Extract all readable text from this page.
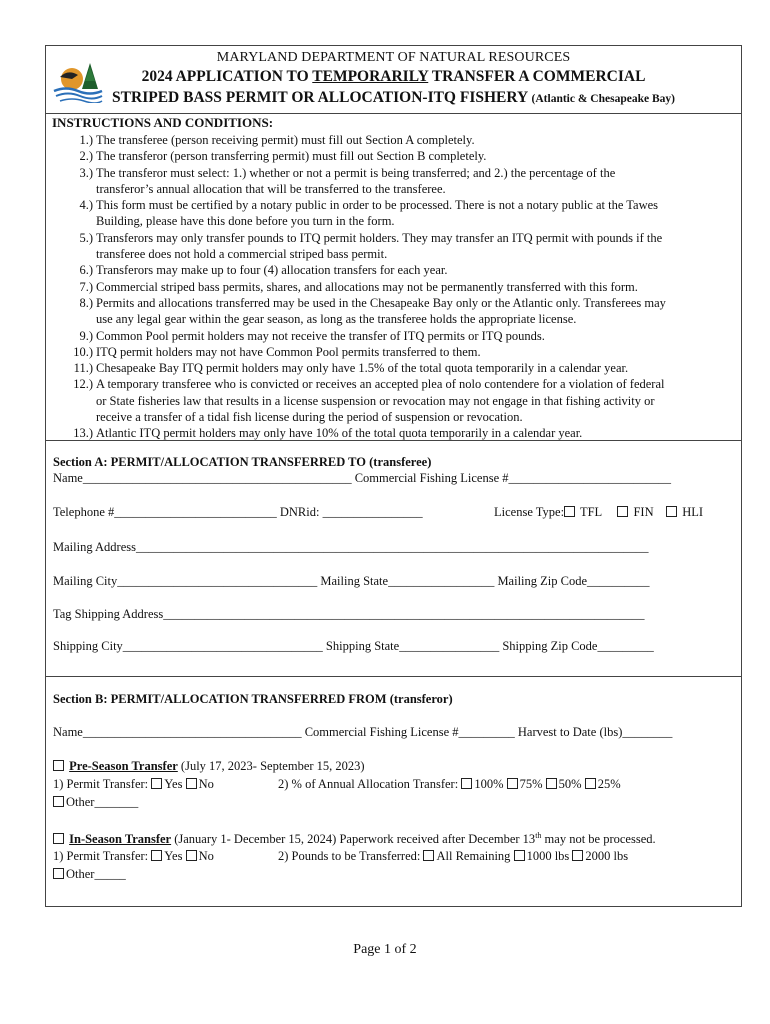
MARYLAND DEPARTMENT OF NATURAL RESOURCES
2024 APPLICATION TO TEMPORARILY TRANSFER A COMMERCIAL
STRIPED BASS PERMIT OR ALLOCATION-ITQ FISHERY (Atlantic & Chesapeake Bay)
INSTRUCTIONS AND CONDITIONS:
1.) The transferee (person receiving permit) must fill out Section A completely.
2.) The transferor (person transferring permit) must fill out Section B completely.
3.) The transferor must select: 1.) whether or not a permit is being transferred; and 2.) the percentage of the
transferor’s annual allocation that will be transferred to the transferee.
4.) This form must be certified by a notary public in order to be processed. There is not a notary public at the Tawes
Building, please have this done before you turn in the form.
5.) Transferors may only transfer pounds to ITQ permit holders. They may transfer an ITQ permit with pounds if the
transferee does not hold a commercial striped bass permit.
6.) Transferors may make up to four (4) allocation transfers for each year.
7.) Commercial striped bass permits, shares, and allocations may not be permanently transferred with this form.
8.) Permits and allocations transferred may be used in the Chesapeake Bay only or the Atlantic only. Transferees may
use any legal gear within the gear season, as long as the transferee holds the appropriate license.
9.) Common Pool permit holders may not receive the transfer of ITQ permits or ITQ pounds.
10.) ITQ permit holders may not have Common Pool permits transferred to them.
11.) Chesapeake Bay ITQ permit holders may only have 1.5% of the total quota temporarily in a calendar year.
12.) A temporary transferee who is convicted or receives an accepted plea of nolo contendere for a violation of federal
or State fisheries law that results in a license suspension or revocation may not engage in that fishing activity or
receive a transfer of a tidal fish license during the period of suspension or revocation.
13.) Atlantic ITQ permit holders may only have 10% of the total quota temporarily in a calendar year.
Section A: PERMIT/ALLOCATION TRANSFERRED TO (transferee)
Name___________________________________________ Commercial Fishing License #__________________________
Telephone #__________________________ DNRid: ________________	License Type: TFL	FIN HLI
Mailing Address__________________________________________________________________________________
Mailing City________________________________ Mailing State_________________ Mailing Zip Code__________
Tag Shipping Address_____________________________________________________________________________
Shipping City________________________________ Shipping State________________ Shipping Zip Code_________
Section B: PERMIT/ALLOCATION TRANSFERRED FROM (transferor)
Name___________________________________ Commercial Fishing License #_________ Harvest to Date (lbs)________
Pre-Season Transfer (July 17, 2023- September 15, 2023)
1) Permit Transfer: Yes No	2) % of Annual Allocation Transfer: 100% 75% 50% 25%
Other_______
In-Season Transfer (January 1- December 15, 2024) Paperwork received after December 13th may not be processed.
1) Permit Transfer: Yes No	2) Pounds to be Transferred: All Remaining 1000 lbs 2000 lbs
Other_____
Page 1 of 2
